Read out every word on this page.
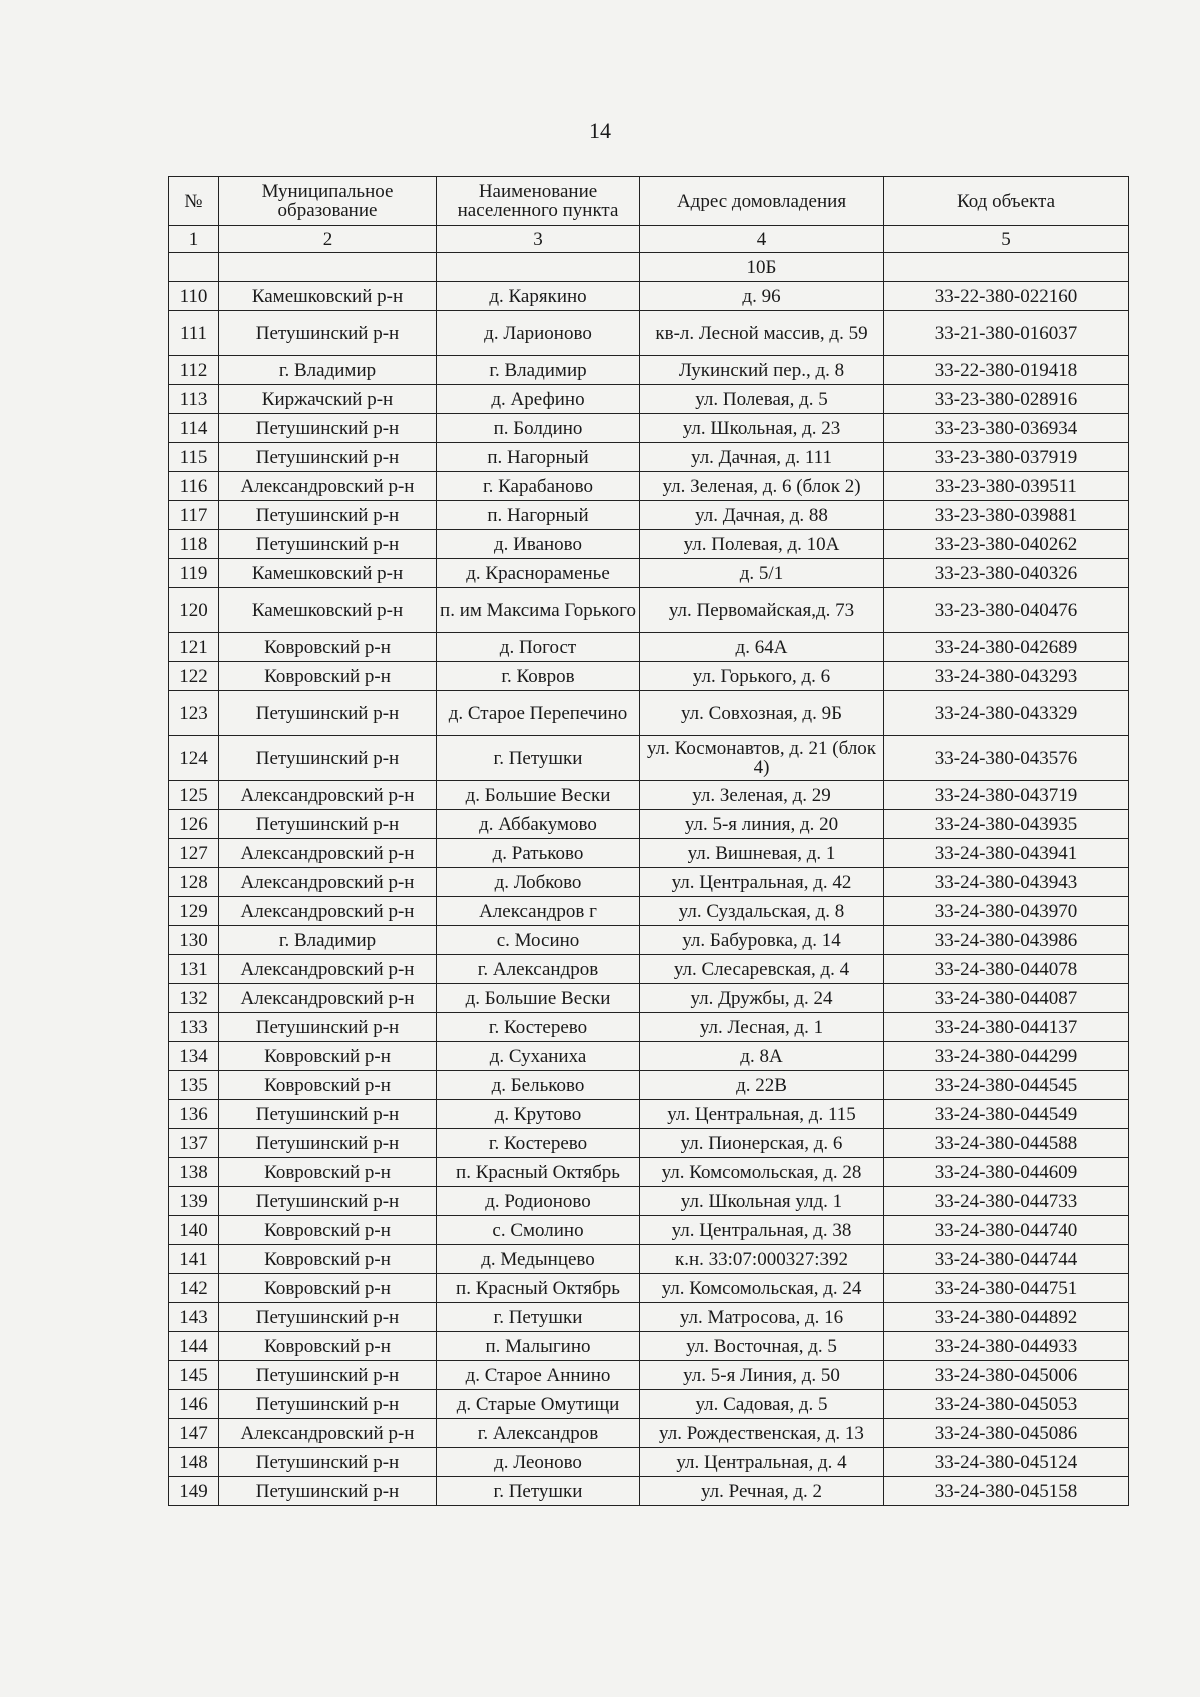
14
№	Муниципальное образование	Наименование населенного пункта	Адрес домовладения	Код объекта
1	2	3	4	5
			10Б	
110	Камешковский р-н	д. Карякино	д. 96	33-22-380-022160
111	Петушинский р-н	д. Ларионово	кв-л. Лесной массив, д. 59	33-21-380-016037
112	г. Владимир	г. Владимир	Лукинский пер., д. 8	33-22-380-019418
113	Киржачский р-н	д. Арефино	ул. Полевая, д. 5	33-23-380-028916
114	Петушинский р-н	п. Болдино	ул. Школьная, д. 23	33-23-380-036934
115	Петушинский р-н	п. Нагорный	ул. Дачная, д. 111	33-23-380-037919
116	Александровский р-н	г. Карабаново	ул. Зеленая, д. 6 (блок 2)	33-23-380-039511
117	Петушинский р-н	п. Нагорный	ул. Дачная, д. 88	33-23-380-039881
118	Петушинский р-н	д. Иваново	ул. Полевая, д. 10А	33-23-380-040262
119	Камешковский р-н	д. Краснораменье	д. 5/1	33-23-380-040326
120	Камешковский р-н	п. им Максима Горького	ул. Первомайская,д. 73	33-23-380-040476
121	Ковровский р-н	д. Погост	д. 64А	33-24-380-042689
122	Ковровский р-н	г. Ковров	ул. Горького, д. 6	33-24-380-043293
123	Петушинский р-н	д. Старое Перепечино	ул. Совхозная, д. 9Б	33-24-380-043329
124	Петушинский р-н	г. Петушки	ул. Космонавтов, д. 21 (блок 4)	33-24-380-043576
125	Александровский р-н	д. Большие Вески	ул. Зеленая, д. 29	33-24-380-043719
126	Петушинский р-н	д. Аббакумово	ул. 5-я линия, д. 20	33-24-380-043935
127	Александровский р-н	д. Ратьково	ул. Вишневая, д. 1	33-24-380-043941
128	Александровский р-н	д. Лобково	ул. Центральная, д. 42	33-24-380-043943
129	Александровский р-н	Александров г	ул. Суздальская, д. 8	33-24-380-043970
130	г. Владимир	с. Мосино	ул. Бабуровка, д. 14	33-24-380-043986
131	Александровский р-н	г. Александров	ул. Слесаревская, д. 4	33-24-380-044078
132	Александровский р-н	д. Большие Вески	ул. Дружбы, д. 24	33-24-380-044087
133	Петушинский р-н	г. Костерево	ул. Лесная, д. 1	33-24-380-044137
134	Ковровский р-н	д. Суханиха	д. 8А	33-24-380-044299
135	Ковровский р-н	д. Бельково	д. 22В	33-24-380-044545
136	Петушинский р-н	д. Крутово	ул. Центральная, д. 115	33-24-380-044549
137	Петушинский р-н	г. Костерево	ул. Пионерская, д. 6	33-24-380-044588
138	Ковровский р-н	п. Красный Октябрь	ул. Комсомольская, д. 28	33-24-380-044609
139	Петушинский р-н	д. Родионово	ул. Школьная улд. 1	33-24-380-044733
140	Ковровский р-н	с. Смолино	ул. Центральная, д. 38	33-24-380-044740
141	Ковровский р-н	д. Медынцево	к.н. 33:07:000327:392	33-24-380-044744
142	Ковровский р-н	п. Красный Октябрь	ул. Комсомольская, д. 24	33-24-380-044751
143	Петушинский р-н	г. Петушки	ул. Матросова, д. 16	33-24-380-044892
144	Ковровский р-н	п. Малыгино	ул. Восточная, д. 5	33-24-380-044933
145	Петушинский р-н	д. Старое Аннино	ул. 5-я Линия, д. 50	33-24-380-045006
146	Петушинский р-н	д. Старые Омутищи	ул. Садовая, д. 5	33-24-380-045053
147	Александровский р-н	г. Александров	ул. Рождественская, д. 13	33-24-380-045086
148	Петушинский р-н	д. Леоново	ул. Центральная, д. 4	33-24-380-045124
149	Петушинский р-н	г. Петушки	ул. Речная, д. 2	33-24-380-045158
